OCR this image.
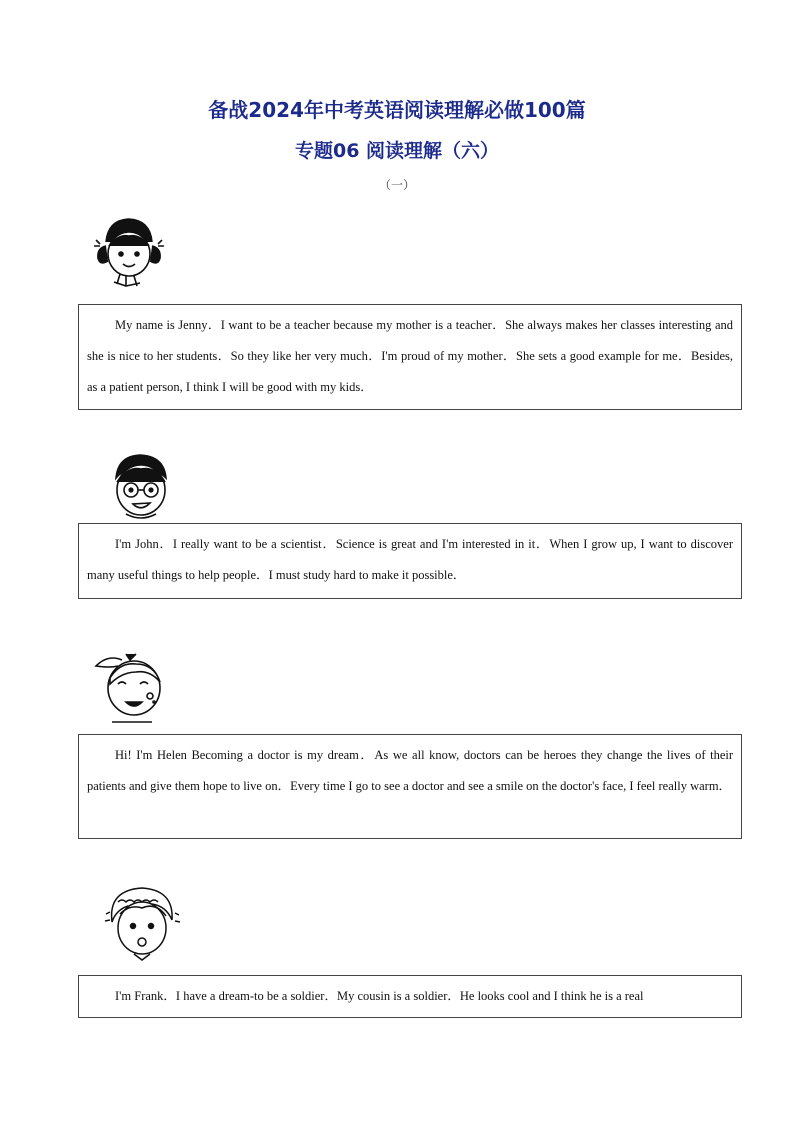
备战2024年中考英语阅读理解必做100篇
专题06 阅读理解（六）
（一）

My name is Jenny．I want to be a teacher because my mother is a teacher．She always makes her classes interesting and she is nice to her students．So they like her very much．I'm proud of my mother．She sets a good example for me．Besides, as a patient person, I think I will be good with my kids．

I'm John．I really want to be a scientist．Science is great and I'm interested in it．When I grow up, I want to discover many useful things to help people．I must study hard to make it possible．

Hi! I'm Helen Becoming a doctor is my dream．As we all know, doctors can be heroes they change the lives of their patients and give them hope to live on．Every time I go to see a doctor and see a smile on the doctor's face, I feel really warm．

I'm Frank．I have a dream-to be a soldier．My cousin is a soldier．He looks cool and I think he is a real
